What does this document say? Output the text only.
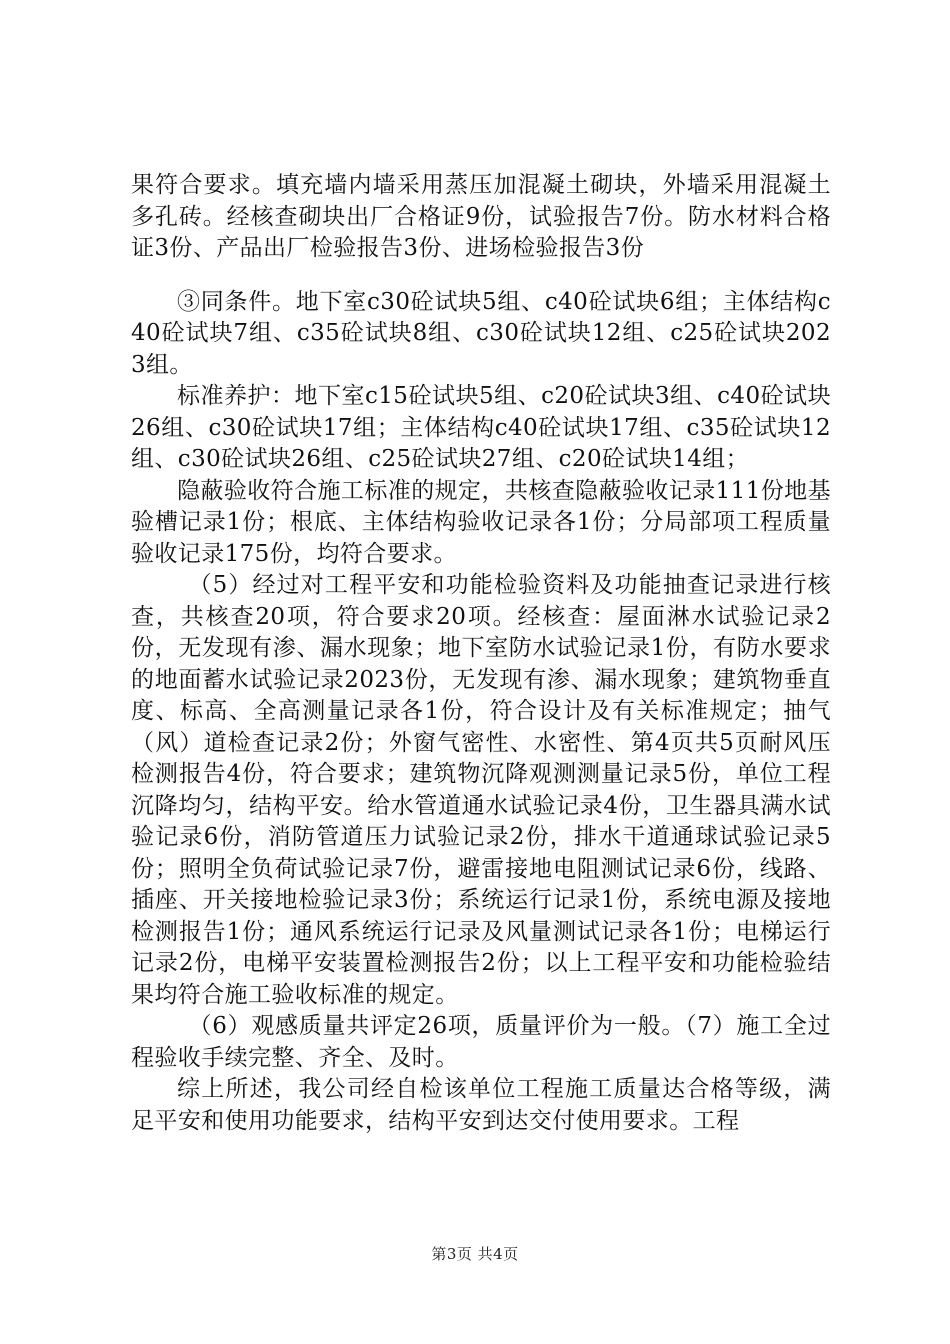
果符合要求。填充墙内墙采用蒸压加混凝土砌块，外墙采用混凝土多孔砖。经核查砌块出厂合格证9份，试验报告7份。防水材料合格证3份、产品出厂检验报告3份、进场检验报告3份

③同条件。地下室c30砼试块5组、c40砼试块6组；主体结构c40砼试块7组、c35砼试块8组、c30砼试块12组、c25砼试块2023组。

标准养护：地下室c15砼试块5组、c20砼试块3组、c40砼试块26组、c30砼试块17组；主体结构c40砼试块17组、c35砼试块12组、c30砼试块26组、c25砼试块27组、c20砼试块14组；

隐蔽验收符合施工标准的规定，共核查隐蔽验收记录111份地基验槽记录1份；根底、主体结构验收记录各1份；分局部项工程质量验收记录175份，均符合要求。

（5）经过对工程平安和功能检验资料及功能抽查记录进行核查，共核查20项，符合要求20项。经核查：屋面淋水试验记录2份，无发现有渗、漏水现象；地下室防水试验记录1份，有防水要求的地面蓄水试验记录2023份，无发现有渗、漏水现象；建筑物垂直度、标高、全高测量记录各1份，符合设计及有关标准规定；抽气（风）道检查记录2份；外窗气密性、水密性、第4页共5页耐风压检测报告4份，符合要求；建筑物沉降观测测量记录5份，单位工程沉降均匀，结构平安。给水管道通水试验记录4份，卫生器具满水试验记录6份，消防管道压力试验记录2份，排水干道通球试验记录5份；照明全负荷试验记录7份，避雷接地电阻测试记录6份，线路、插座、开关接地检验记录3份；系统运行记录1份，系统电源及接地检测报告1份；通风系统运行记录及风量测试记录各1份；电梯运行记录2份，电梯平安装置检测报告2份；以上工程平安和功能检验结果均符合施工验收标准的规定。

（6）观感质量共评定26项，质量评价为一般。（7）施工全过程验收手续完整、齐全、及时。

综上所述，我公司经自检该单位工程施工质量达合格等级，满足平安和使用功能要求，结构平安到达交付使用要求。工程

第3页 共4页
